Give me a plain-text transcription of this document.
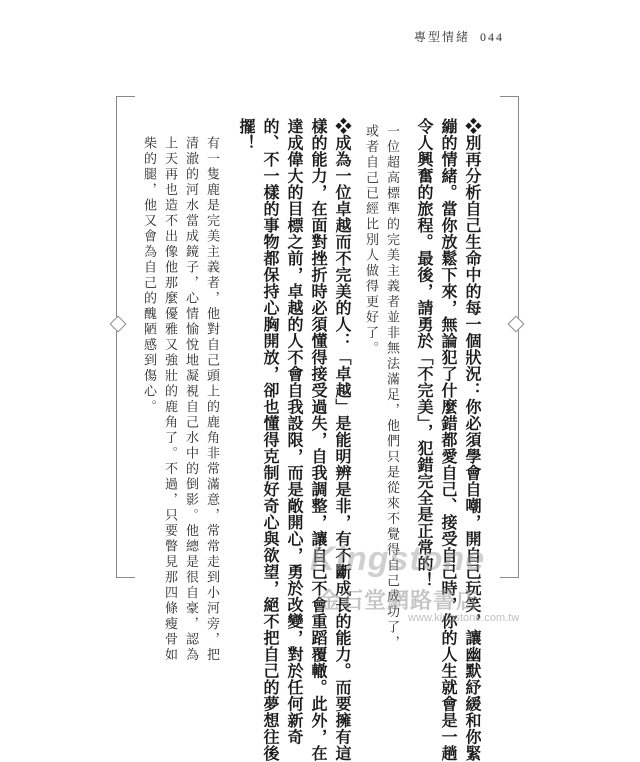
專型情緒 044
❖別再分析自己生命中的每一個狀況：你必須學會自嘲，開自己玩笑，讓幽默紓緩和你緊
繃的情緒。當你放鬆下來，無論犯了什麼錯都愛自己、接受自己時，你的人生就會是一趟
令人興奮的旅程。最後，請勇於「不完美」，犯錯完全是正常的！
一位超高標準的完美主義者並非無法滿足，他們只是從來不覺得自己成功了，
或者自己已經比別人做得更好了。
❖成為一位卓越而不完美的人：「卓越」是能明辨是非，有不斷成長的能力。而要擁有這
樣的能力，在面對挫折時必須懂得接受過失，自我調整，讓自己不會重蹈覆轍。此外，在
達成偉大的目標之前，卓越的人不會自我設限，而是敞開心，勇於改變，對於任何新奇
的、不一樣的事物都保持心胸開放，卻也懂得克制好奇心與欲望，絕不把自己的夢想往後
擺！
有一隻鹿是完美主義者，他對自己頭上的鹿角非常滿意，常常走到小河旁，把
清澈的河水當成鏡子，心情愉悅地凝視自己水中的倒影。他總是很自豪，認為
上天再也造不出像他那麼優雅又強壯的鹿角了。不過，只要瞥見那四條瘦骨如
柴的腿，他又會為自己的醜陋感到傷心。
Kingstone
金石堂網路書店
www.kingstone.com.tw
